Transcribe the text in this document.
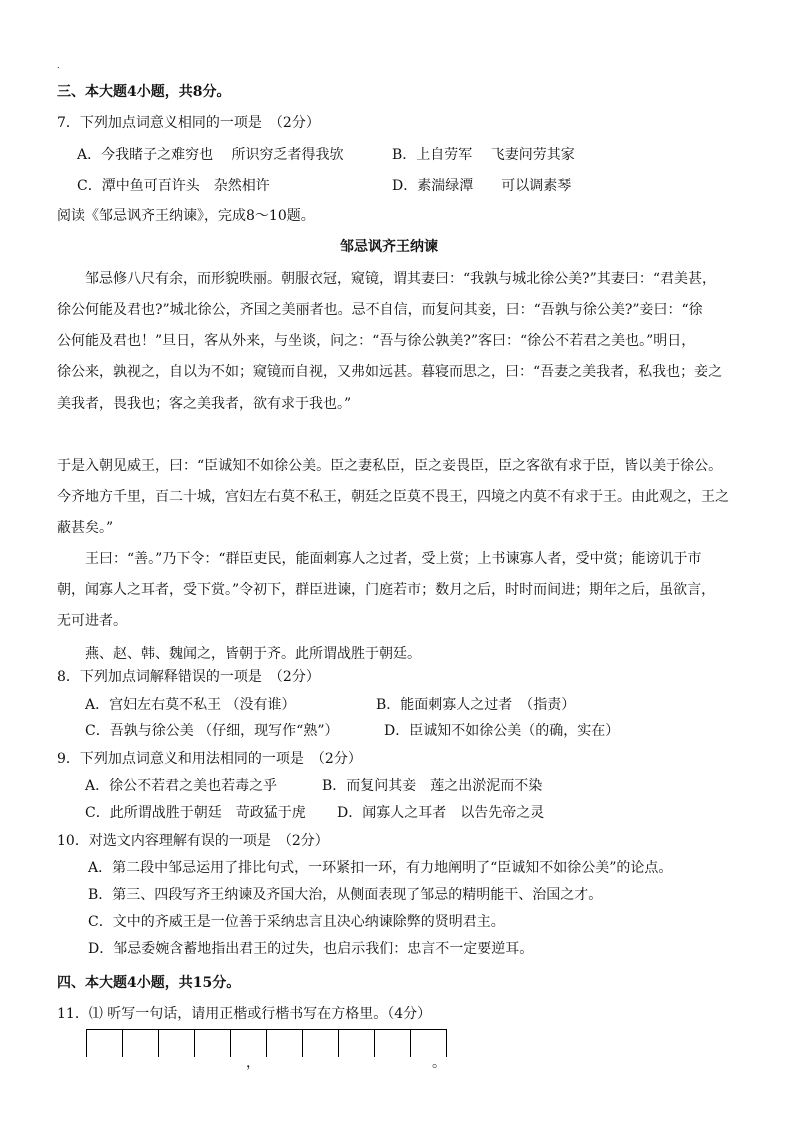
.
三、本大题4小题，共8分。
7．下列加点词意义相同的一项是　（2分）
A．今我睹子之难穷也　 所识穷乏者得我欤	B．上自劳军　 飞妻问劳其家
C．潭中鱼可百许头　杂然相许	D．素湍绿潭　　可以调素琴
阅读《邹忌讽齐王纳谏》，完成8～10题。
邹忌讽齐王纳谏
邹忌修八尺有余，而形貌昳丽。朝服衣冠，窥镜，谓其妻曰：“我孰与城北徐公美?”其妻曰：“君美甚，
徐公何能及君也?”城北徐公，齐国之美丽者也。忌不自信，而复问其妾，曰：“吾孰与徐公美?”妾曰：“徐
公何能及君也！”旦日，客从外来，与坐谈，问之：“吾与徐公孰美?”客曰：“徐公不若君之美也。”明日，
徐公来，孰视之，自以为不如；窥镜而自视，又弗如远甚。暮寝而思之，曰：“吾妻之美我者，私我也；妾之
美我者，畏我也；客之美我者，欲有求于我也。”
于是入朝见威王，曰：“臣诚知不如徐公美。臣之妻私臣，臣之妾畏臣，臣之客欲有求于臣，皆以美于徐公。
今齐地方千里，百二十城，宫妇左右莫不私王，朝廷之臣莫不畏王，四境之内莫不有求于王。由此观之，王之
蔽甚矣。”
王曰：“善。”乃下令：“群臣吏民，能面刺寡人之过者，受上赏；上书谏寡人者，受中赏；能谤讥于市
朝，闻寡人之耳者，受下赏。”令初下，群臣进谏，门庭若市；数月之后，时时而间进；期年之后，虽欲言，
无可进者。
燕、赵、韩、魏闻之，皆朝于齐。此所谓战胜于朝廷。
8．下列加点词解释错误的一项是　（2分）
A．宫妇左右莫不私王 （没有谁）	B．能面刺寡人之过者　（指责）
C．吾孰与徐公美 （仔细，现写作“熟”）	D．臣诚知不如徐公美（的确，实在）
9．下列加点词意义和用法相同的一项是　（2分）
A．徐公不若君之美也若毒之乎	B．而复问其妾　莲之出淤泥而不染
C．此所谓战胜于朝廷　苛政猛于虎 D．闻寡人之耳者　以告先帝之灵
10．对选文内容理解有误的一项是　（2分）
A．第二段中邹忌运用了排比句式，一环紧扣一环，有力地阐明了“臣诚知不如徐公美”的论点。
B．第三、四段写齐王纳谏及齐国大治，从侧面表现了邹忌的精明能干、治国之才。
C．文中的齐威王是一位善于采纳忠言且决心纳谏除弊的贤明君主。
D．邹忌委婉含蓄地指出君王的过失，也启示我们：忠言不一定要逆耳。
四、本大题4小题，共15分。
11．⑴ 听写一句话，请用正楷或行楷书写在方格里。（4分）
，	。
